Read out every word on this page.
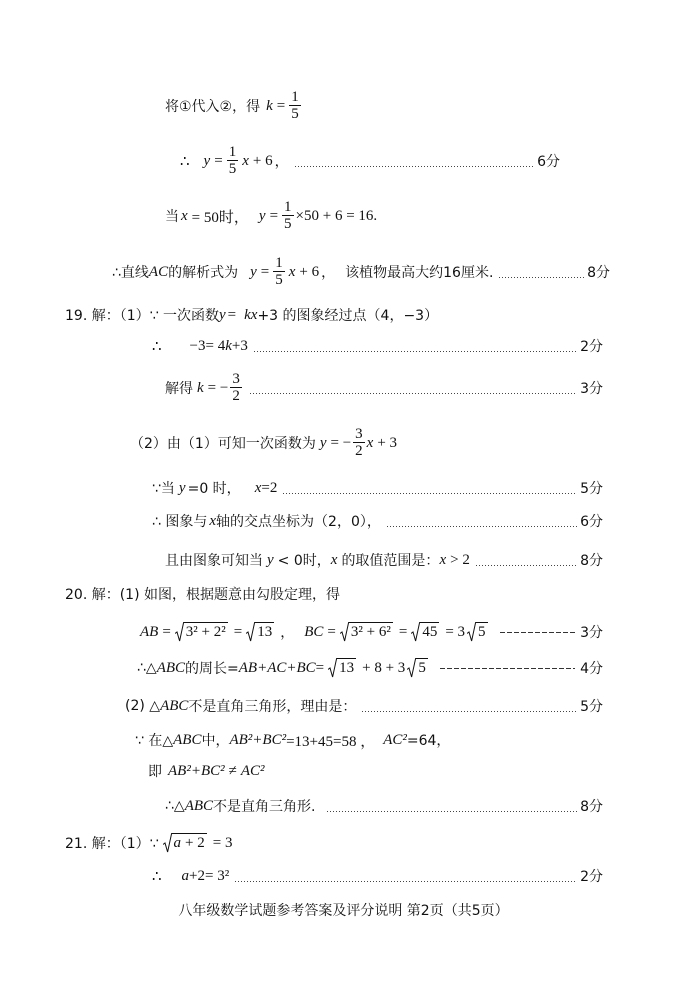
将①代入②，得 $k = \frac{1}{5}$
∴ $y = \frac{1}{5}$ x + 6 ，	6分
当 x = 50时， $y = \frac{1}{5} \times 50 + 6 = 16$.
∴直线 AC 的解析式为 $y = \frac{1}{5}$ x + 6 ， 该植物最高大约16厘米.	8分
19. 解：（1）∵ 一次函数 y = kx +3 的图象经过点（4，−3）
∴ −3= 4 k +3	2分
解得 k = − $\frac{3}{2}$	3分
（2）由（1）可知一次函数为 y = − $\frac{3}{2}$ x + 3
∵当 y =0 时， x =2	5分
∴ 图象与 x 轴的交点坐标为（2，0），	6分
且由图象可知当 y < 0时， x 的取值范围是： x > 2	8分
20. 解：(1) 如图，根据题意由勾股定理，得
AB = 3² + 2² = 13 ， BC = 3² + 6² = 45 = 3 5	3分
∴△ ABC 的周长= AB+AC+BC = 13 + 8 + 3 5	4分
(2) △ ABC 不是直角三角形，理由是：	5分
∵ 在△ ABC 中， AB²+BC² =13+45=58 ， AC² =64，
即 AB²+BC² ≠ AC²
∴△ ABC 不是直角三角形.	8分
21. 解：（1）∵ a + 2 = 3
∴ a +2= 3²	2分
八年级数学试题参考答案及评分说明 第2页（共5页）
